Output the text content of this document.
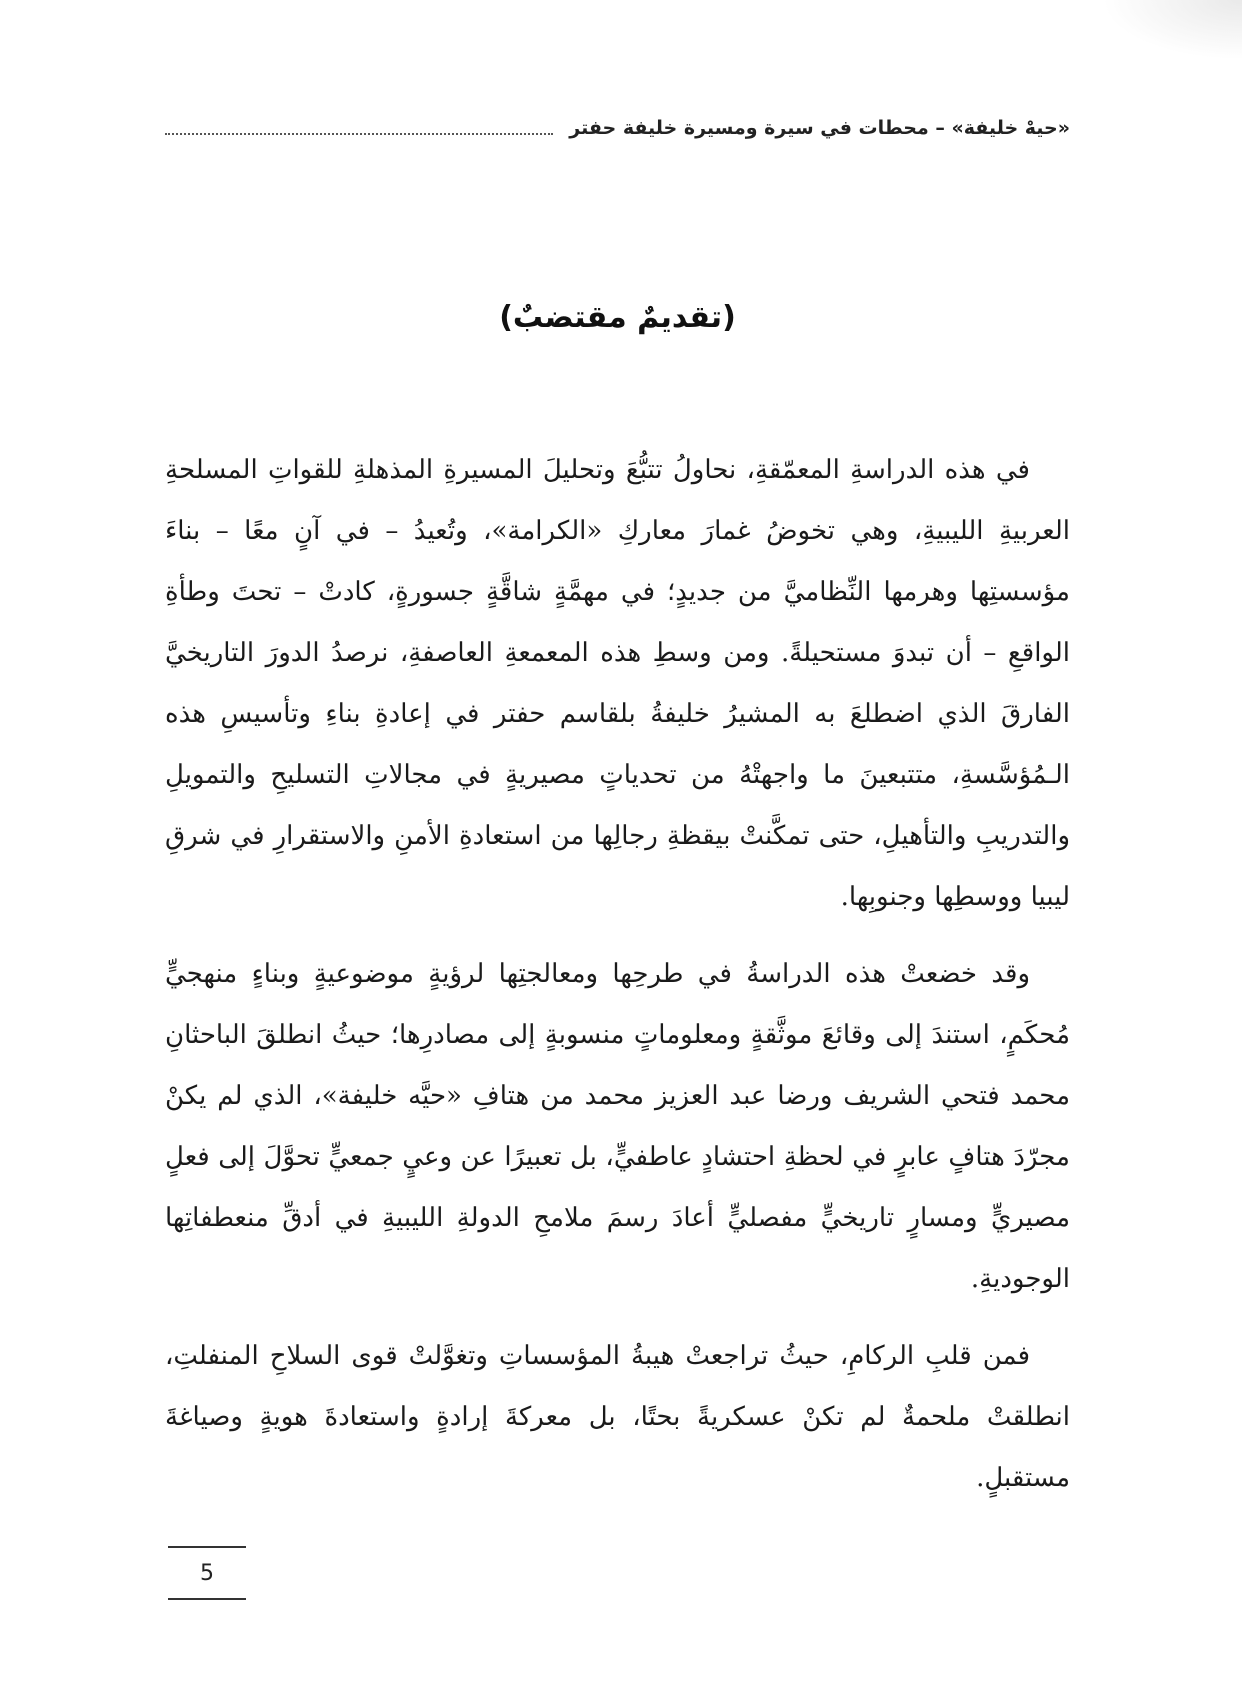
«حيهْ خليفة» – محطات في سيرة ومسيرة خليفة حفتر
(تقديمٌ مقتضبٌ)

في هذه الدراسةِ المعمّقةِ، نحاولُ تتبُّعَ وتحليلَ المسيرةِ المذهلةِ للقواتِ المسلحةِ العربيةِ الليبيةِ، وهي تخوضُ غمارَ معاركِ «الكرامة»، وتُعيدُ – في آنٍ معًا – بناءَ مؤسستِها وهرمها النِّظاميَّ من جديدٍ؛ في مهمَّةٍ شاقَّةٍ جسورةٍ، كادتْ – تحتَ وطأةِ الواقعِ – أن تبدوَ مستحيلةً. ومن وسطِ هذه المعمعةِ العاصفةِ، نرصدُ الدورَ التاريخيَّ الفارقَ الذي اضطلعَ به المشيرُ خليفةُ بلقاسم حفتر في إعادةِ بناءِ وتأسيسِ هذه الـمُؤسَّسةِ، متتبعينَ ما واجهتْهُ من تحدياتٍ مصيريةٍ في مجالاتِ التسليحِ والتمويلِ والتدريبِ والتأهيلِ، حتى تمكَّنتْ بيقظةِ رجالِها من استعادةِ الأمنِ والاستقرارِ في شرقِ ليبيا ووسطِها وجنوبِها.

وقد خضعتْ هذه الدراسةُ في طرحِها ومعالجتِها لرؤيةٍ موضوعيةٍ وبناءٍ منهجيٍّ مُحكَمٍ، استندَ إلى وقائعَ موثَّقةٍ ومعلوماتٍ منسوبةٍ إلى مصادرِها؛ حيثُ انطلقَ الباحثانِ محمد فتحي الشريف ورضا عبد العزيز محمد من هتافِ «حيَّه خليفة»، الذي لم يكنْ مجرّدَ هتافٍ عابرٍ في لحظةِ احتشادٍ عاطفيٍّ، بل تعبيرًا عن وعيٍ جمعيٍّ تحوَّلَ إلى فعلٍ مصيريٍّ ومسارٍ تاريخيٍّ مفصليٍّ أعادَ رسمَ ملامحِ الدولةِ الليبيةِ في أدقِّ منعطفاتِها الوجوديةِ.

فمن قلبِ الركامِ، حيثُ تراجعتْ هيبةُ المؤسساتِ وتغوَّلتْ قوى السلاحِ المنفلتِ، انطلقتْ ملحمةٌ لم تكنْ عسكريةً بحتًا، بل معركةَ إرادةٍ واستعادةَ هويةٍ وصياغةَ مستقبلٍ.

5
